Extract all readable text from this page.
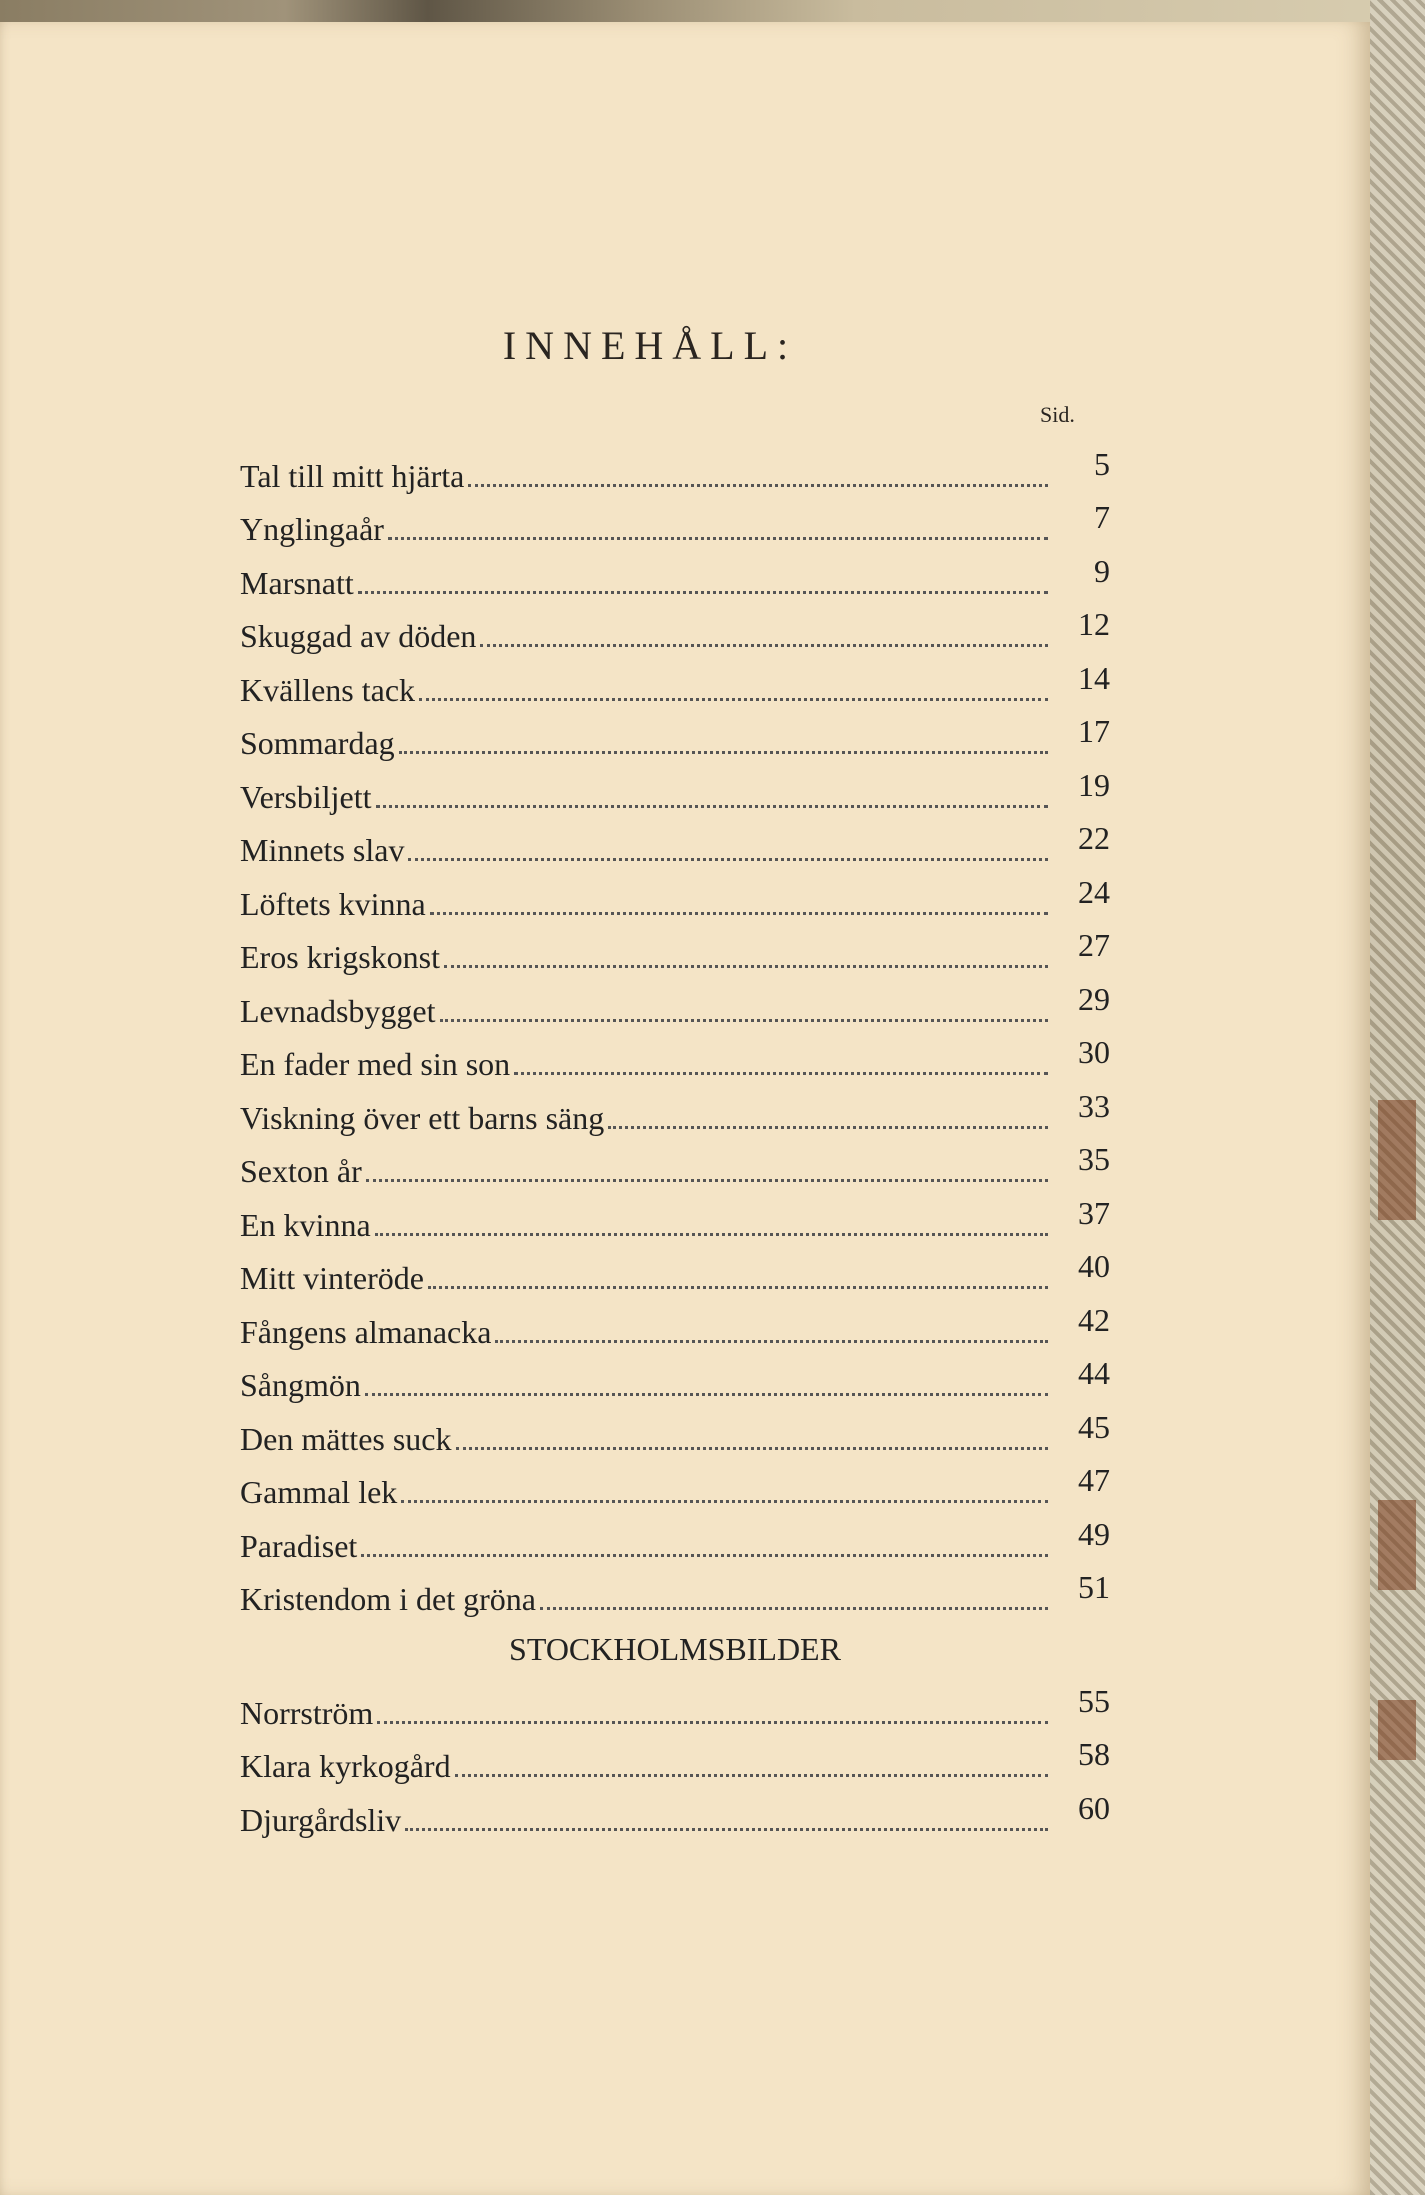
INNEHÅLL:
Sid.
Tal till mitt hjärta	5
Ynglingaår	7
Marsnatt	9
Skuggad av döden	12
Kvällens tack	14
Sommardag	17
Versbiljett	19
Minnets slav	22
Löftets kvinna	24
Eros krigskonst	27
Levnadsbygget	29
En fader med sin son	30
Viskning över ett barns säng	33
Sexton år	35
En kvinna	37
Mitt vinteröde	40
Fångens almanacka	42
Sångmön	44
Den mättes suck	45
Gammal lek	47
Paradiset	49
Kristendom i det gröna	51
STOCKHOLMSBILDER
Norrström	55
Klara kyrkogård	58
Djurgårdsliv	60
